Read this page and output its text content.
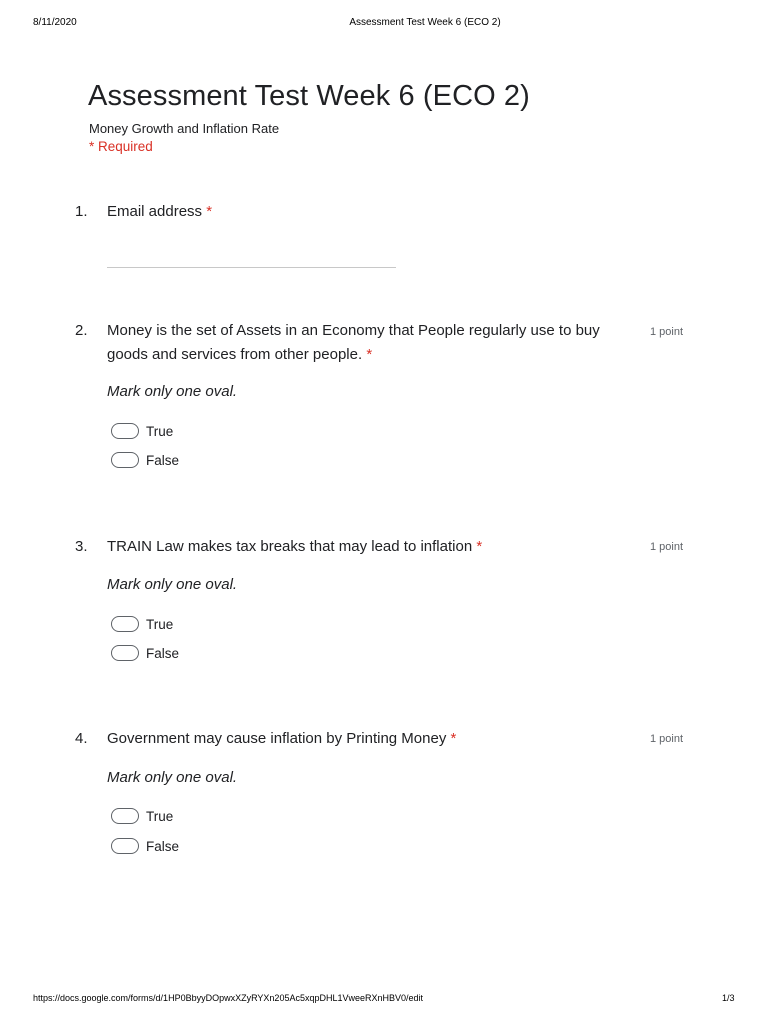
8/11/2020	Assessment Test Week 6 (ECO 2)
Assessment Test Week 6 (ECO 2)
Money Growth and Inflation Rate
* Required
1. Email address *
2. Money is the set of Assets in an Economy that People regularly use to buy goods and services from other people. *
1 point
Mark only one oval.
True
False
3. TRAIN Law makes tax breaks that may lead to inflation *	1 point
Mark only one oval.
True
False
4. Government may cause inflation by Printing Money *	1 point
Mark only one oval.
True
False
https://docs.google.com/forms/d/1HP0BbyyDOpwxXZyRYXn205Ac5xqpDHL1VweeRXnHBV0/edit	1/3
